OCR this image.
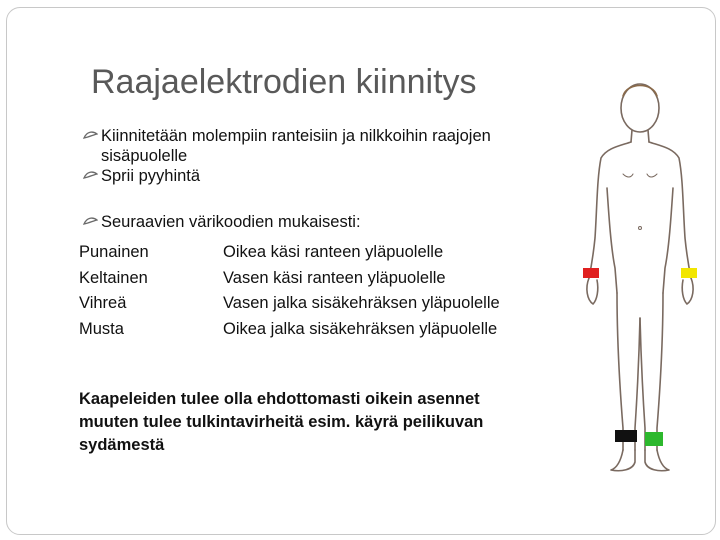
Raajaelektrodien kiinnitys
Kiinnitetään molempiin ranteisiin ja nilkkoihin raajojen
sisäpuolelle
Sprii pyyhintä
Seuraavien värikoodien mukaisesti:
Punainen	Oikea käsi ranteen yläpuolelle
Keltainen	Vasen käsi ranteen yläpuolelle
Vihreä	Vasen jalka sisäkehräksen yläpuolelle
Musta	Oikea jalka sisäkehräksen yläpuolelle
Kaapeleiden tulee olla ehdottomasti oikein asennet
muuten tulee tulkintavirheitä esim. käyrä peilikuvan
sydämestä
